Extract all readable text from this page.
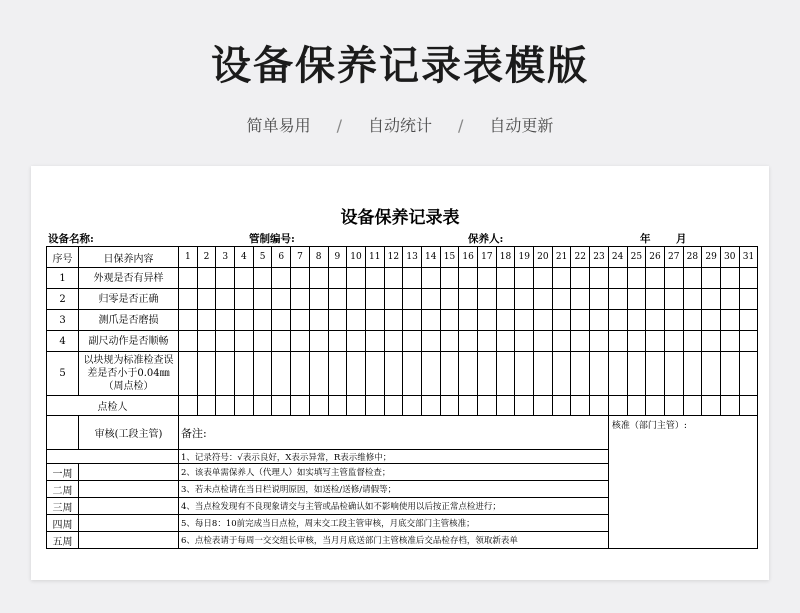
设备保养记录表模版
简单易用 / 自动统计 / 自动更新
设备保养记录表
设备名称:	管制编号:	保养人:	年 月
序号	日保养内容	1	2	3	4	5	6	7	8	9	10	11	12	13	14	15	16	17	18	19	20	21	22	23	24	25	26	27	28	29	30	31
1	外观是否有异样																															
2	归零是否正确																															
3	测爪是否磨损																															
4	副尺动作是否顺畅																															
5	以块规为标准检查误差是否小于0.04㎜（周点检）																															
点检人																																
	审核(工段主管)	备注:																							核准（部门主管）:							
		1、记录符号：√表示良好，X表示异常，R表示维修中；																														
一周		2、该表单需保养人（代理人）如实填写主管监督检查；																														
二周		3、若未点检请在当日栏说明原因，如送检/送修/请假等；																														
三周		4、当点检发现有不良现象请交与主管或品检确认如不影响使用以后按正常点检进行；																														
四周		5、每日8：10前完成当日点检，周末交工段主管审核，月底交部门主管核准；																														
五周		6、点检表请于每周一交交组长审核，当月月底送部门主管核准后交品检存档，领取新表单																														
